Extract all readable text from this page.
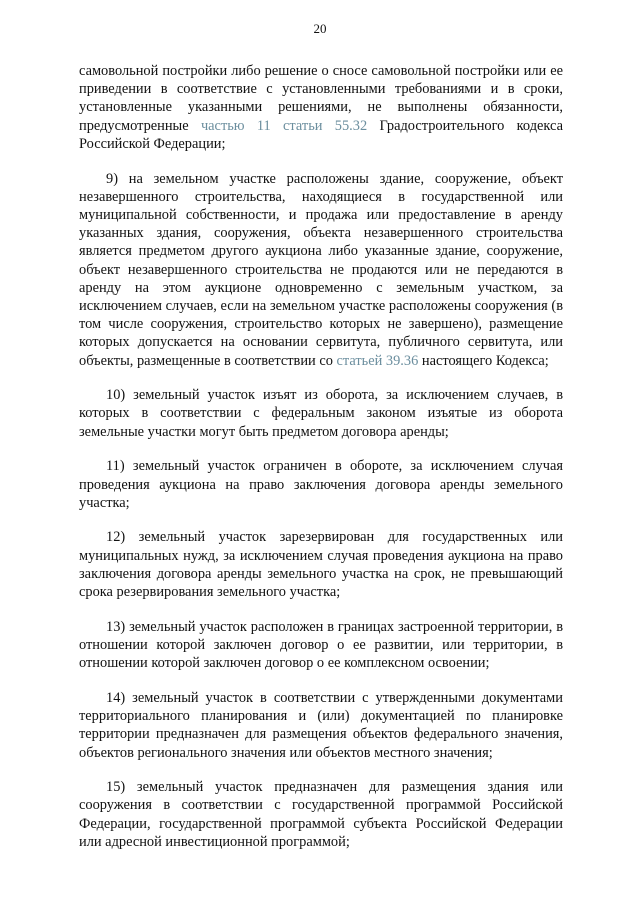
20

самовольной постройки либо решение о сносе самовольной постройки или ее приведении в соответствие с установленными требованиями и в сроки, установленные указанными решениями, не выполнены обязанности, предусмотренные частью 11 статьи 55.32 Градостроительного кодекса Российской Федерации;

9) на земельном участке расположены здание, сооружение, объект незавершенного строительства, находящиеся в государственной или муниципальной собственности, и продажа или предоставление в аренду указанных здания, сооружения, объекта незавершенного строительства является предметом другого аукциона либо указанные здание, сооружение, объект незавершенного строительства не продаются или не передаются в аренду на этом аукционе одновременно с земельным участком, за исключением случаев, если на земельном участке расположены сооружения (в том числе сооружения, строительство которых не завершено), размещение которых допускается на основании сервитута, публичного сервитута, или объекты, размещенные в соответствии со статьей 39.36 настоящего Кодекса;

10) земельный участок изъят из оборота, за исключением случаев, в которых в соответствии с федеральным законом изъятые из оборота земельные участки могут быть предметом договора аренды;

11) земельный участок ограничен в обороте, за исключением случая проведения аукциона на право заключения договора аренды земельного участка;

12) земельный участок зарезервирован для государственных или муниципальных нужд, за исключением случая проведения аукциона на право заключения договора аренды земельного участка на срок, не превышающий срока резервирования земельного участка;

13) земельный участок расположен в границах застроенной территории, в отношении которой заключен договор о ее развитии, или территории, в отношении которой заключен договор о ее комплексном освоении;

14) земельный участок в соответствии с утвержденными документами территориального планирования и (или) документацией по планировке территории предназначен для размещения объектов федерального значения, объектов регионального значения или объектов местного значения;

15) земельный участок предназначен для размещения здания или сооружения в соответствии с государственной программой Российской Федерации, государственной программой субъекта Российской Федерации или адресной инвестиционной программой;
